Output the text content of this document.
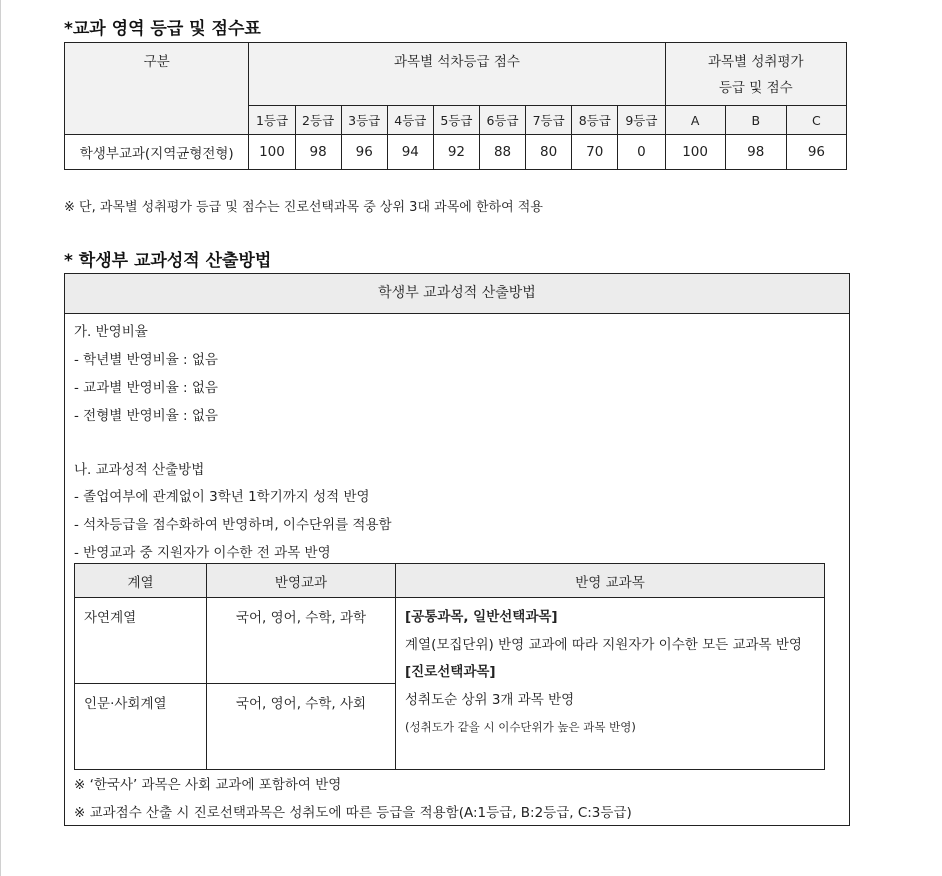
*교과 영역 등급 및 점수표
구분	과목별 석차등급 점수									과목별 성취평가
등급 및 점수		
	1등급	2등급	3등급	4등급	5등급	6등급	7등급	8등급	9등급	A	B	C
학생부교과(지역균형전형)	100	98	96	94	92	88	80	70	0	100	98	96
※ 단, 과목별 성취평가 등급 및 점수는 진로선택과목 중 상위 3대 과목에 한하여 적용
* 학생부 교과성적 산출방법
학생부 교과성적 산출방법
가. 반영비율
- 학년별 반영비율 : 없음
- 교과별 반영비율 : 없음
- 전형별 반영비율 : 없음
나. 교과성적 산출방법
- 졸업여부에 관계없이 3학년 1학기까지 성적 반영
- 석차등급을 점수화하여 반영하며, 이수단위를 적용함
- 반영교과 중 지원자가 이수한 전 과목 반영
계열	반영교과	반영 교과목
자연계열	국어, 영어, 수학, 과학	[공통과목, 일반선택과목]
계열(모집단위) 반영 교과에 따라 지원자가 이수한 모든 교과목 반영
[진로선택과목]
성취도순 상위 3개 과목 반영
(성취도가 같을 시 이수단위가 높은 과목 반영)

인문·사회계열	국어, 영어, 수학, 사회	
※ ‘한국사’ 과목은 사회 교과에 포함하여 반영
※ 교과점수 산출 시 진로선택과목은 성취도에 따른 등급을 적용함(A:1등급, B:2등급, C:3등급)
